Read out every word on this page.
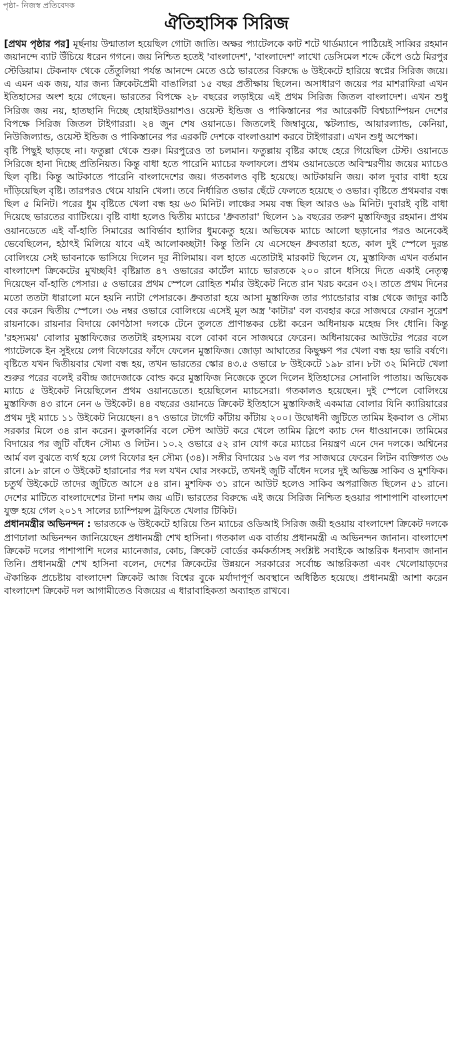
পৃষ্ঠা- নিজস্ব প্রতিবেদক
ঐতিহাসিক সিরিজ

[প্রথম পৃষ্ঠার পর] মূর্ছনায় উন্মাতাল হয়েছিল গোটা জাতি। অক্ষর প্যাটেলকে কাট শটে থার্ডম্যানে পাঠিয়েই সাব্বির রহমান জয়ানন্দে ব্যাট উঁচিয়ে ধরেন গগনে। জয় নিশ্চিত হতেই 'বাংলাদেশ', 'বাংলাদেশ' লাখো ডেসিমেল শব্দে কেঁপে ওঠে মিরপুর স্টেডিয়াম। টেকনাফ থেকে তেঁতুলিয়া পর্যন্ত আনন্দে মেতে ওঠে ভারতের বিরুদ্ধে ৬ উইকেটে হারিয়ে স্বপ্নের সিরিজ জয়ে। এ এমন এক জয়, যার জন্য ক্রিকেটপ্রেমী বাঙালিরা ১৫ বছর প্রতীক্ষায় ছিলেন। অসাধারণ জয়ের পর মাশরাফিরা এখন ইতিহাসের অংশ হয়ে গেছেন। ভারতের বিপক্ষে ২৮ বছরের লড়াইয়ে এই প্রথম সিরিজ জিতল বাংলাদেশ। এখন শুধু সিরিজ জয় নয়, হাতছানি দিচ্ছে হোয়াইটওয়াশও। ওয়েস্ট ইন্ডিজ ও পাকিস্তানের পর আরেকটি বিশ্বচ্যাম্পিয়ন দেশের বিপক্ষে সিরিজ জিতল টাইগাররা। ২৪ জুন শেষ ওয়ানডে। জিতলেই জিম্বাবুয়ে, স্কটল্যান্ড, আয়ারল্যান্ড, কেনিয়া, নিউজিল্যান্ড, ওয়েস্ট ইন্ডিজ ও পাকিস্তানের পর এরকটি দেশকে বাংলাওয়াশ করবে টাইগাররা। এখন শুধু অপেক্ষা।

বৃষ্টি পিছুই ছাড়ছে না। ফতুল্লা থেকে শুরু। মিরপুরেও তা চলমান। ফতুল্লায় বৃষ্টির কাছে হেরে গিয়েছিল টেস্ট। ওয়ানডে সিরিজে হানা দিচ্ছে প্রতিনিয়ত। কিন্তু বাধা হতে পারেনি ম্যাচের ফলাফলে। প্রথম ওয়ানডেতে অবিস্মরণীয় জয়ের ম্যাচেও ছিল বৃষ্টি। কিন্তু আটকাতে পারেনি বাংলাদেশের জয়। গতকালও বৃষ্টি হয়েছে। আটকায়নি জয়। কাল দুবার বাধা হয়ে দাঁড়িয়েছিল বৃষ্টি। তারপরও থেমে যায়নি খেলা। তবে নির্ধারিত ওভার ছেঁটে ফেলতে হয়েছে ৩ ওভার। বৃষ্টিতে প্রথমবার বন্ধ ছিল ৫ মিনিট। পরের ধুম বৃষ্টিতে খেলা বন্ধ হয় ৬৩ মিনিট। লাঞ্চের সময় বন্ধ ছিল আরও ৬৯ মিনিট। দুবারই বৃষ্টি বাধা দিয়েছে ভারতের ব্যাটিংয়ে। বৃষ্টি বাধা হলেও দ্বিতীয় ম্যাচের 'ধ্রুবতারা' ছিলেন ১৯ বছরের তরুণ মুস্তাফিজুর রহমান। প্রথম ওয়ানডেতে এই বাঁ-হাতি সিমারের আবির্ভাব হ্যালির ধুমকেতু হয়ে। অভিষেক ম্যাচে আলো ছড়ানোর পরও অনেকেই ভেবেছিলেন, হঠাৎই মিলিয়ে যাবে এই আলোকচ্ছটা! কিন্তু তিনি যে এসেছেন ধ্রুবতারা হতে, কাল দুই স্পেলে দুরন্ত বোলিংয়ে সেই ভাবনাকে ভাসিয়ে দিলেন দূর নীলিমায়। বল হাতে এতোটাই মারকাট ছিলেন যে, মুস্তাফিজ এখন বর্তমান বাংলাদেশ ক্রিকেটের মুখচ্ছবি! বৃষ্টিম্নাত ৪৭ ওভারের কার্টেল ম্যাচে ভারতকে ২০০ রানে ধসিয়ে দিতে একাই নেতৃত্ব দিয়েছেন বাঁ-হাতি পেসার। ৫ ওভারের প্রথম স্পেলে রোহিত শর্মার উইকেট নিতে রান খরচ করেন ৩২। তাতে প্রথম দিনের মতো ততটা ধারালো মনে হয়নি ন্যাটা পেসারকে। ধ্রুবতারা হয়ে আসা মুস্তাফিজ তার প্যান্ডোরার বাক্স থেকে জাদুর কাঠি বের করেন দ্বিতীয় স্পেলে। ৩৬ নম্বর ওভারে বোলিংয়ে এসেই মূল অস্ত্র 'কাটার' বল ব্যবহার করে সাজঘরে ফেরান সুরেশ রায়নাকে। রায়নার বিদায়ে কোণঠাসা দলকে টেনে তুলতে প্রাণান্তকর চেষ্টা করেন অধিনায়ক মহেন্দ্র সিং ধোনি। কিন্তু 'রহস্যময়' বোলার মুস্তাফিজের ততটাই রহস্যময় বলে বোকা বনে সাজঘরে ফেরেন। অধিনায়কের আউটের পরের বলে প্যাটেলকে ইন সুইংয়ে লেগ বিফোরের ফাঁদে ফেলেন মুস্তাফিজ। জোড়া আঘাতের কিছুক্ষণ পর খেলা বন্ধ হয় ভারি বর্ষণে। বৃষ্টিতে যখন দ্বিতীয়বার খেলা বন্ধ হয়, তখন ভারতের স্কোর ৪৩.৫ ওভারে ৮ উইকেটে ১৯৮ রান। ৮টা ৩২ মিনিটে খেলা শুরুর পরের বলেই রবীন্দ্র জাদেজাকে বোল্ড করে মুস্তাফিজ নিজেকে তুলে দিলেন ইতিহাসের সোনালি পাতায়। অভিষেক ম্যাচে ৫ উইকেট নিয়েছিলেন প্রথম ওয়ানডেতে। হয়েছিলেন ম্যাচসেরা। গতকালও হয়েছেন। দুই স্পেলে বোলিংয়ে মুস্তাফিজ ৪৩ রানে নেন ৬ উইকেট। ৪৪ বছরের ওয়ানডে ক্রিকেট ইতিহাসে মুস্তাফিজই একমাত্র বোলার যিনি ক্যারিয়ারের প্রথম দুই ম্যাচে ১১ উইকেট নিয়েছেন। ৪৭ ওভারে টার্গেট কাঁটায় কাঁটায় ২০০। উদ্বোধনী জুটিতে তামিম ইকবাল ও সৌম্য সরকার মিলে ৩৪ রান করেন। কুলকার্নির বলে স্টেপ আউট করে খেলে তামিম স্লিপে ক্যাচ দেন ধাওয়ানকে। তামিমের বিদায়ের পর জুটি বাঁধেন সৌম্য ও লিটন। ১০.২ ওভারে ৫২ রান যোগ করে ম্যাচের নিয়ন্ত্রণ এনে দেন দলকে। অশ্বিনের আর্ম বল বুঝতে ব্যর্থ হয়ে লেগ বিফোর হন সৌম্য (৩৪)। সঙ্গীর বিদায়ের ১৬ বল পর সাজঘরে ফেরেন লিটন ব্যক্তিগত ৩৬ রানে। ৯৮ রানে ৩ উইকেট হারানোর পর দল যখন ঘোর সংকটে, তখনই জুটি বাঁধেন দলের দুই অভিজ্ঞ সাকিব ও মুশফিক। চতুর্থ উইকেটে তাদের জুটিতে আসে ৫৪ রান। মুশফিক ৩১ রানে আউট হলেও সাকিব অপরাজিত ছিলেন ৫১ রানে। দেশের মাটিতে বাংলাদেশের টানা দশম জয় এটি। ভারতের বিরুদ্ধে এই জয়ে সিরিজ নিশ্চিত হওয়ার পাশাপাশি বাংলাদেশ যুক্ত হয়ে গেল ২০১৭ সালের চ্যাম্পিয়ন্স ট্রফিতে খেলার টিকিট।

প্রধানমন্ত্রীর অভিনন্দন : ভারতকে ৬ উইকেটে হারিয়ে তিন ম্যাচের ওডিআই সিরিজ জয়ী হওয়ায় বাংলাদেশ ক্রিকেট দলকে প্রাণঢালা অভিনন্দন জানিয়েছেন প্রধানমন্ত্রী শেখ হাসিনা। গতকাল এক বার্তায় প্রধানমন্ত্রী এ অভিনন্দন জানান। বাংলাদেশ ক্রিকেট দলের পাশাপাশি দলের ম্যানেজার, কোচ, ক্রিকেট বোর্ডের কর্মকর্তাসহ সংশ্লিষ্ট সবাইকে আন্তরিক ধন্যবাদ জানান তিনি। প্রধানমন্ত্রী শেখ হাসিনা বলেন, দেশের ক্রিকেটের উন্নয়নে সরকারের সর্বোচ্চ আন্তরিকতা এবং খেলোয়াড়দের ঐকান্তিক প্রচেষ্টায় বাংলাদেশ ক্রিকেট আজ বিশ্বের বুকে মর্যাদাপূর্ণ অবস্থানে অধিষ্ঠিত হয়েছে। প্রধানমন্ত্রী আশা করেন বাংলাদেশ ক্রিকেট দল আগামীতেও বিজয়ের এ ধারাবাহিকতা অব্যাহত রাখবে।
